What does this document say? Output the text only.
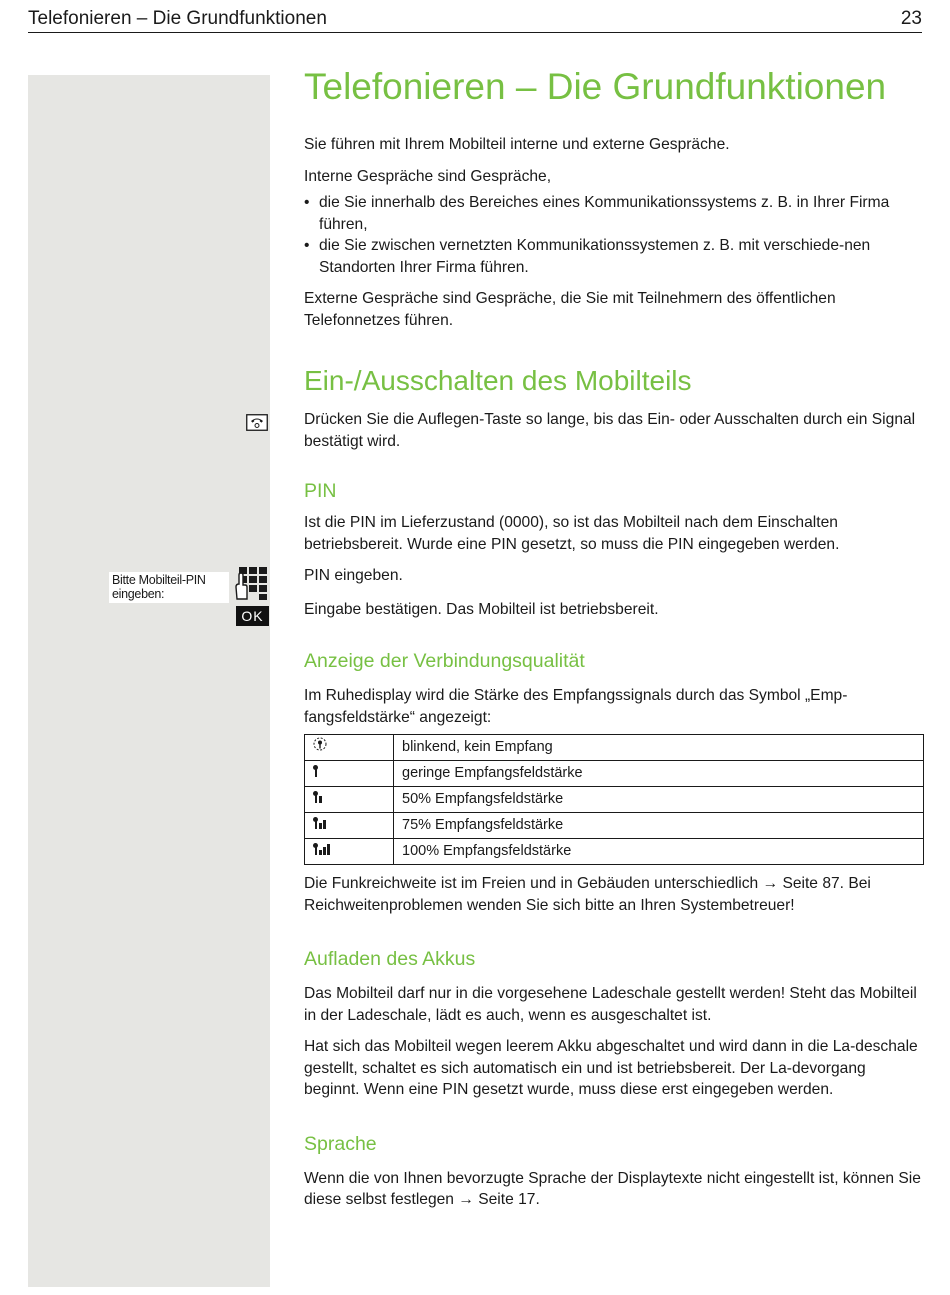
Telefonieren – Die Grundfunktionen	23
Bitte Mobilteil-PIN eingeben:
OK
Telefonieren – Die Grundfunktionen

Sie führen mit Ihrem Mobilteil interne und externe Gespräche.

Interne Gespräche sind Gespräche,

• die Sie innerhalb des Bereiches eines Kommunikationssystems z. B. in Ihrer Firma führen,
• die Sie zwischen vernetzten Kommunikationssystemen z. B. mit verschiede-nen Standorten Ihrer Firma führen.

Externe Gespräche sind Gespräche, die Sie mit Teilnehmern des öffentlichen Telefonnetzes führen.

Ein-/Ausschalten des Mobilteils

Drücken Sie die Auflegen-Taste so lange, bis das Ein- oder Ausschalten durch ein Signal bestätigt wird.

PIN

Ist die PIN im Lieferzustand (0000), so ist das Mobilteil nach dem Einschalten betriebsbereit. Wurde eine PIN gesetzt, so muss die PIN eingegeben werden.

PIN eingeben.

Eingabe bestätigen. Das Mobilteil ist betriebsbereit.

Anzeige der Verbindungsqualität

Im Ruhedisplay wird die Stärke des Empfangssignals durch das Symbol „Emp-fangsfeldstärke“ angezeigt:

	blinkend, kein Empfang

	geringe Empfangsfeldstärke

	50% Empfangsfeldstärke

	75% Empfangsfeldstärke

	100% Empfangsfeldstärke

Die Funkreichweite ist im Freien und in Gebäuden unterschiedlich → Seite 87. Bei Reichweitenproblemen wenden Sie sich bitte an Ihren Systembetreuer!

Aufladen des Akkus

Das Mobilteil darf nur in die vorgesehene Ladeschale gestellt werden! Steht das Mobilteil in der Ladeschale, lädt es auch, wenn es ausgeschaltet ist.

Hat sich das Mobilteil wegen leerem Akku abgeschaltet und wird dann in die La-deschale gestellt, schaltet es sich automatisch ein und ist betriebsbereit. Der La-devorgang beginnt. Wenn eine PIN gesetzt wurde, muss diese erst eingegeben werden.

Sprache

Wenn die von Ihnen bevorzugte Sprache der Displaytexte nicht eingestellt ist, können Sie diese selbst festlegen → Seite 17.
